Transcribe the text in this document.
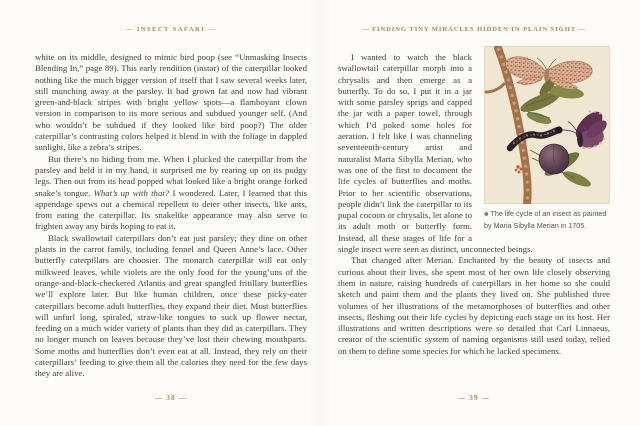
— INSECT SAFARI —

white on its middle, designed to mimic bird poop (see “Unmasking Insects Blending In,” page 89). This early rendition (instar) of the caterpillar looked nothing like the much bigger version of itself that I saw several weeks later, still munching away at the parsley. It had grown fat and now had vibrant green-and-black stripes with bright yellow spots—a flamboyant clown version in comparison to its more serious and subdued younger self. (And who wouldn’t be subdued if they looked like bird poop?) The older caterpillar’s contrasting colors helped it blend in with the foliage in dappled sunlight, like a zebra’s stripes.

But there’s no hiding from me. When I plucked the caterpillar from the parsley and held it in my hand, it surprised me by rearing up on its pudgy legs. Then out from its head popped what looked like a bright orange forked snake’s tongue. What’s up with that? I wondered. Later, I learned that this appendage spews out a chemical repellent to deter other insects, like ants, from eating the caterpillar. Its snakelike appearance may also serve to frighten away any birds hoping to eat it.

Black swallowtail caterpillars don’t eat just parsley; they dine on other plants in the carrot family, including fennel and Queen Anne’s lace. Other butterfly caterpillars are choosier. The monarch caterpillar will eat only milkweed leaves, while violets are the only food for the young’uns of the orange-and-black-checkered Atlantis and great spangled fritillary butterflies we’ll explore later. But like human children, once these picky-eater caterpillars become adult butterflies, they expand their diet. Most butterflies will unfurl long, spiraled, straw-like tongues to suck up flower nectar, feeding on a much wider variety of plants than they did as caterpillars. They no longer munch on leaves because they’ve lost their chewing mouthparts. Some moths and butterflies don’t even eat at all. Instead, they rely on their caterpillars’ feeding to give them all the calories they need for the few days they are alive.

— 38 —
— FINDING TINY MIRACLES HIDDEN IN PLAIN SIGHT —
✽ The life cycle of an insect as painted by Maria Sibylla Merian in 1705.

I wanted to watch the black swallowtail caterpillar morph into a chrysalis and then emerge as a butterfly. To do so, I put it in a jar with some parsley sprigs and capped the jar with a paper towel, through which I’d poked some holes for aeration. I felt like I was channeling seventeenth-century artist and naturalist Maria Sibylla Merian, who was one of the first to document the life cycles of butterflies and moths. Prior to her scientific observations, people didn’t link the caterpillar to its pupal cocoon or chrysalis, let alone to its adult moth or butterfly form. Instead, all these stages of life for a single insect were seen as distinct, unconnected beings.

That changed after Merian. Enchanted by the beauty of insects and curious about their lives, she spent most of her own life closely observing them in nature, raising hundreds of caterpillars in her home so she could sketch and paint them and the plants they lived on. She published three volumes of her illustrations of the metamorphoses of butterflies and other insects, fleshing out their life cycles by depicting each stage on its host. Her illustrations and written descriptions were so detailed that Carl Linnaeus, creator of the scientific system of naming organisms still used today, relied on them to define some species for which he lacked specimens.

— 39 —
